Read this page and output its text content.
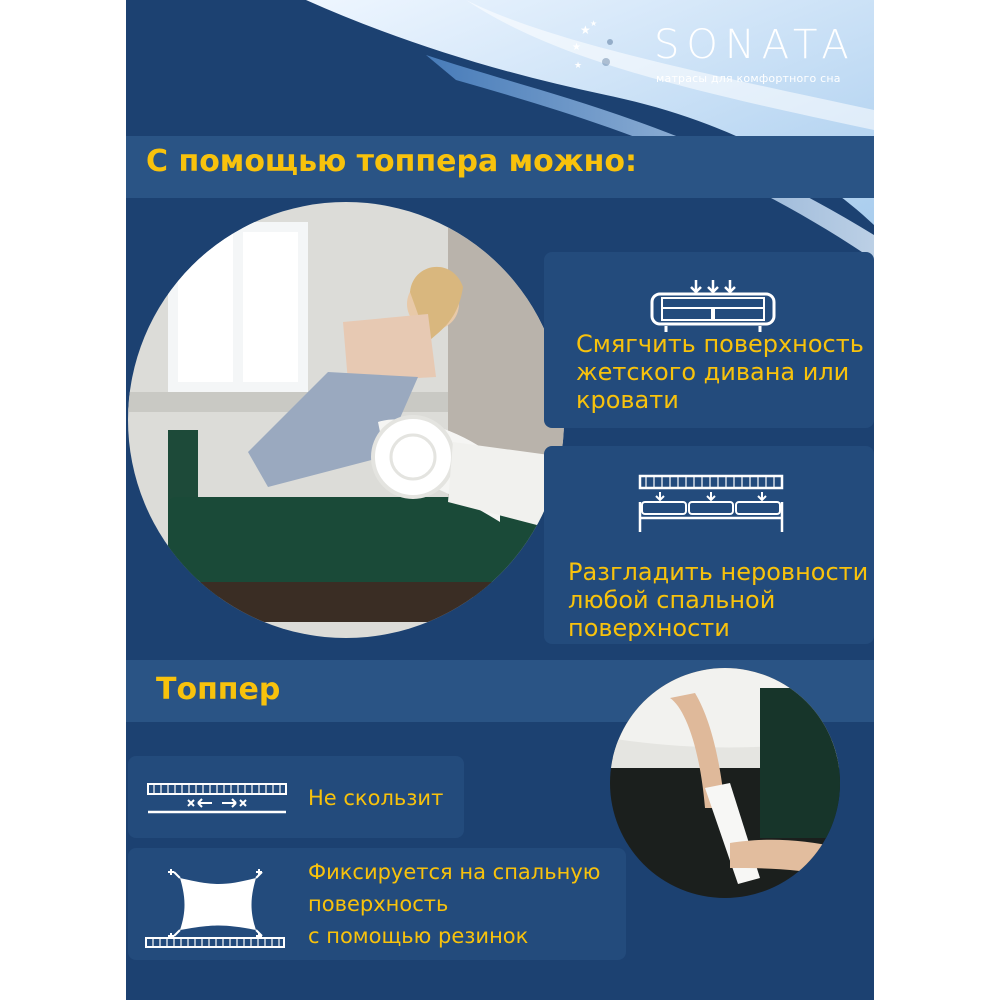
★
★
★
★ SONATA
матрасы для комфортного сна
С помощью топпера можно:
Смягчить поверхность
жетского дивана или
кровати
Разгладить неровности
любой спальной
поверхности
Топпер
Не скользит
Фиксируется на спальную
поверхность
с помощью резинок
